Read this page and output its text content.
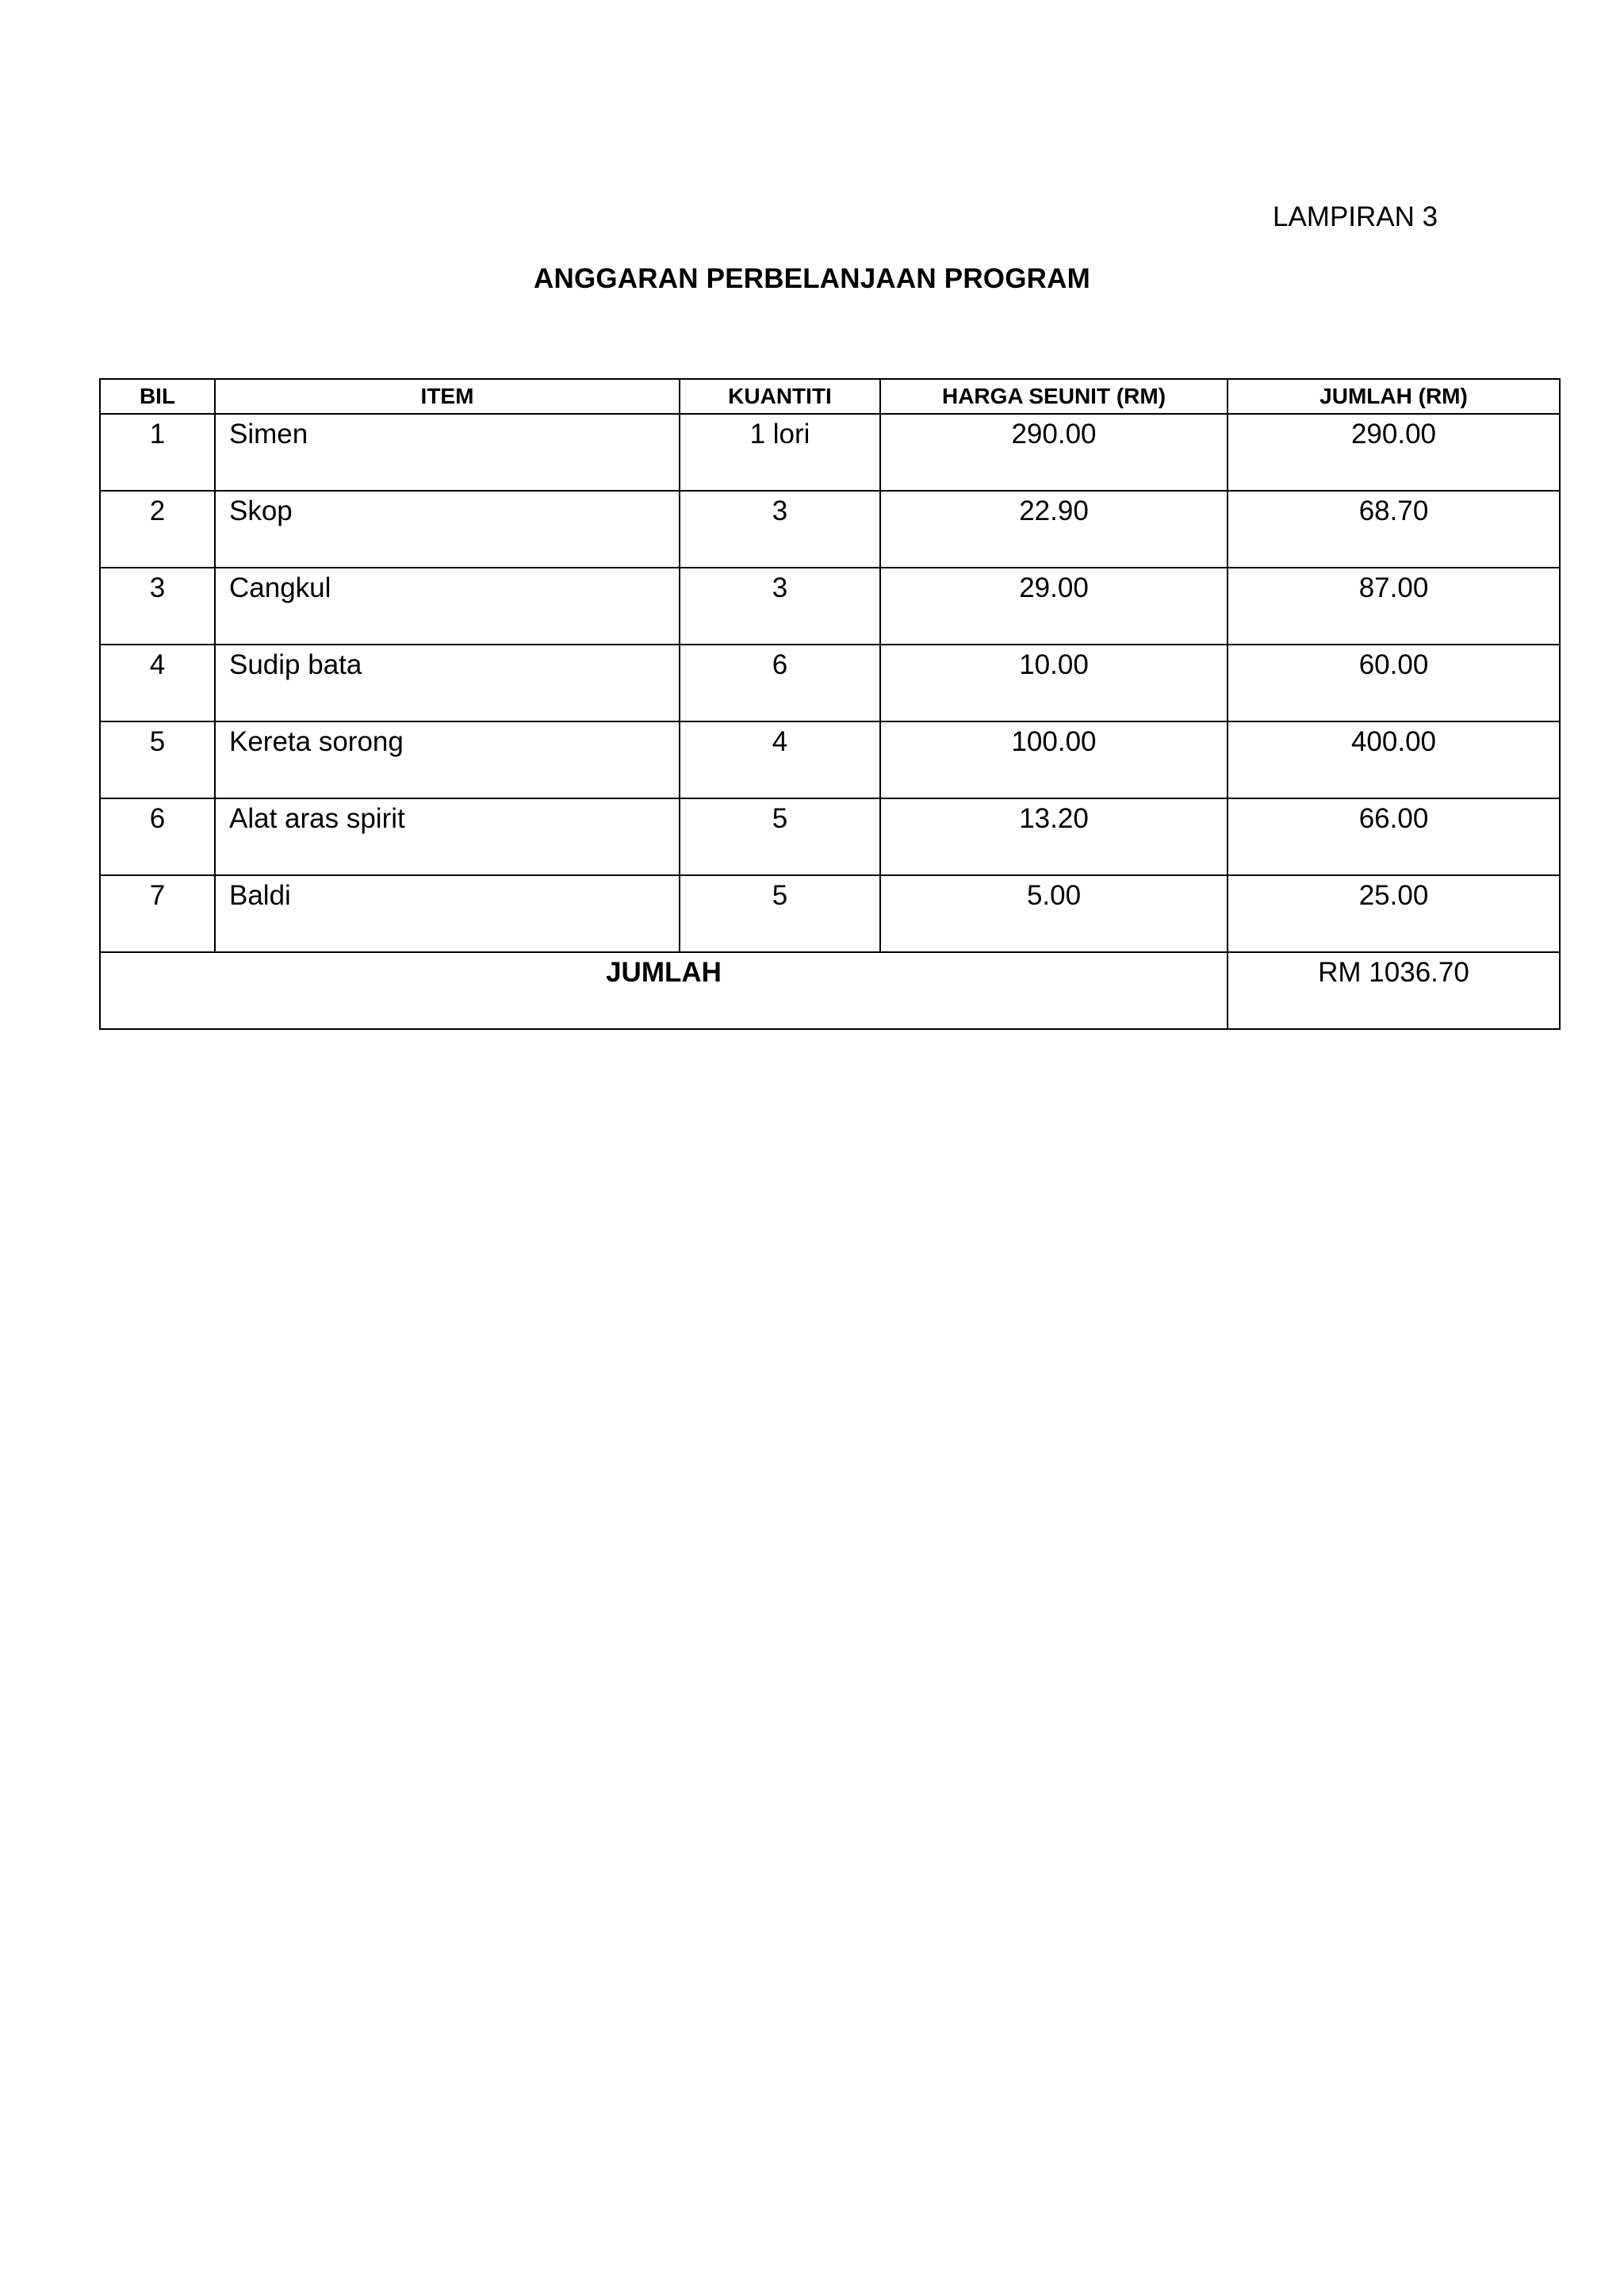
LAMPIRAN 3
ANGGARAN PERBELANJAAN PROGRAM
BIL	ITEM	KUANTITI	HARGA SEUNIT (RM)	JUMLAH (RM)
1	Simen	1 lori	290.00	290.00
2	Skop	3	22.90	68.70
3	Cangkul	3	29.00	87.00
4	Sudip bata	6	10.00	60.00
5	Kereta sorong	4	100.00	400.00
6	Alat aras spirit	5	13.20	66.00
7	Baldi	5	5.00	25.00
JUMLAH				RM 1036.70
